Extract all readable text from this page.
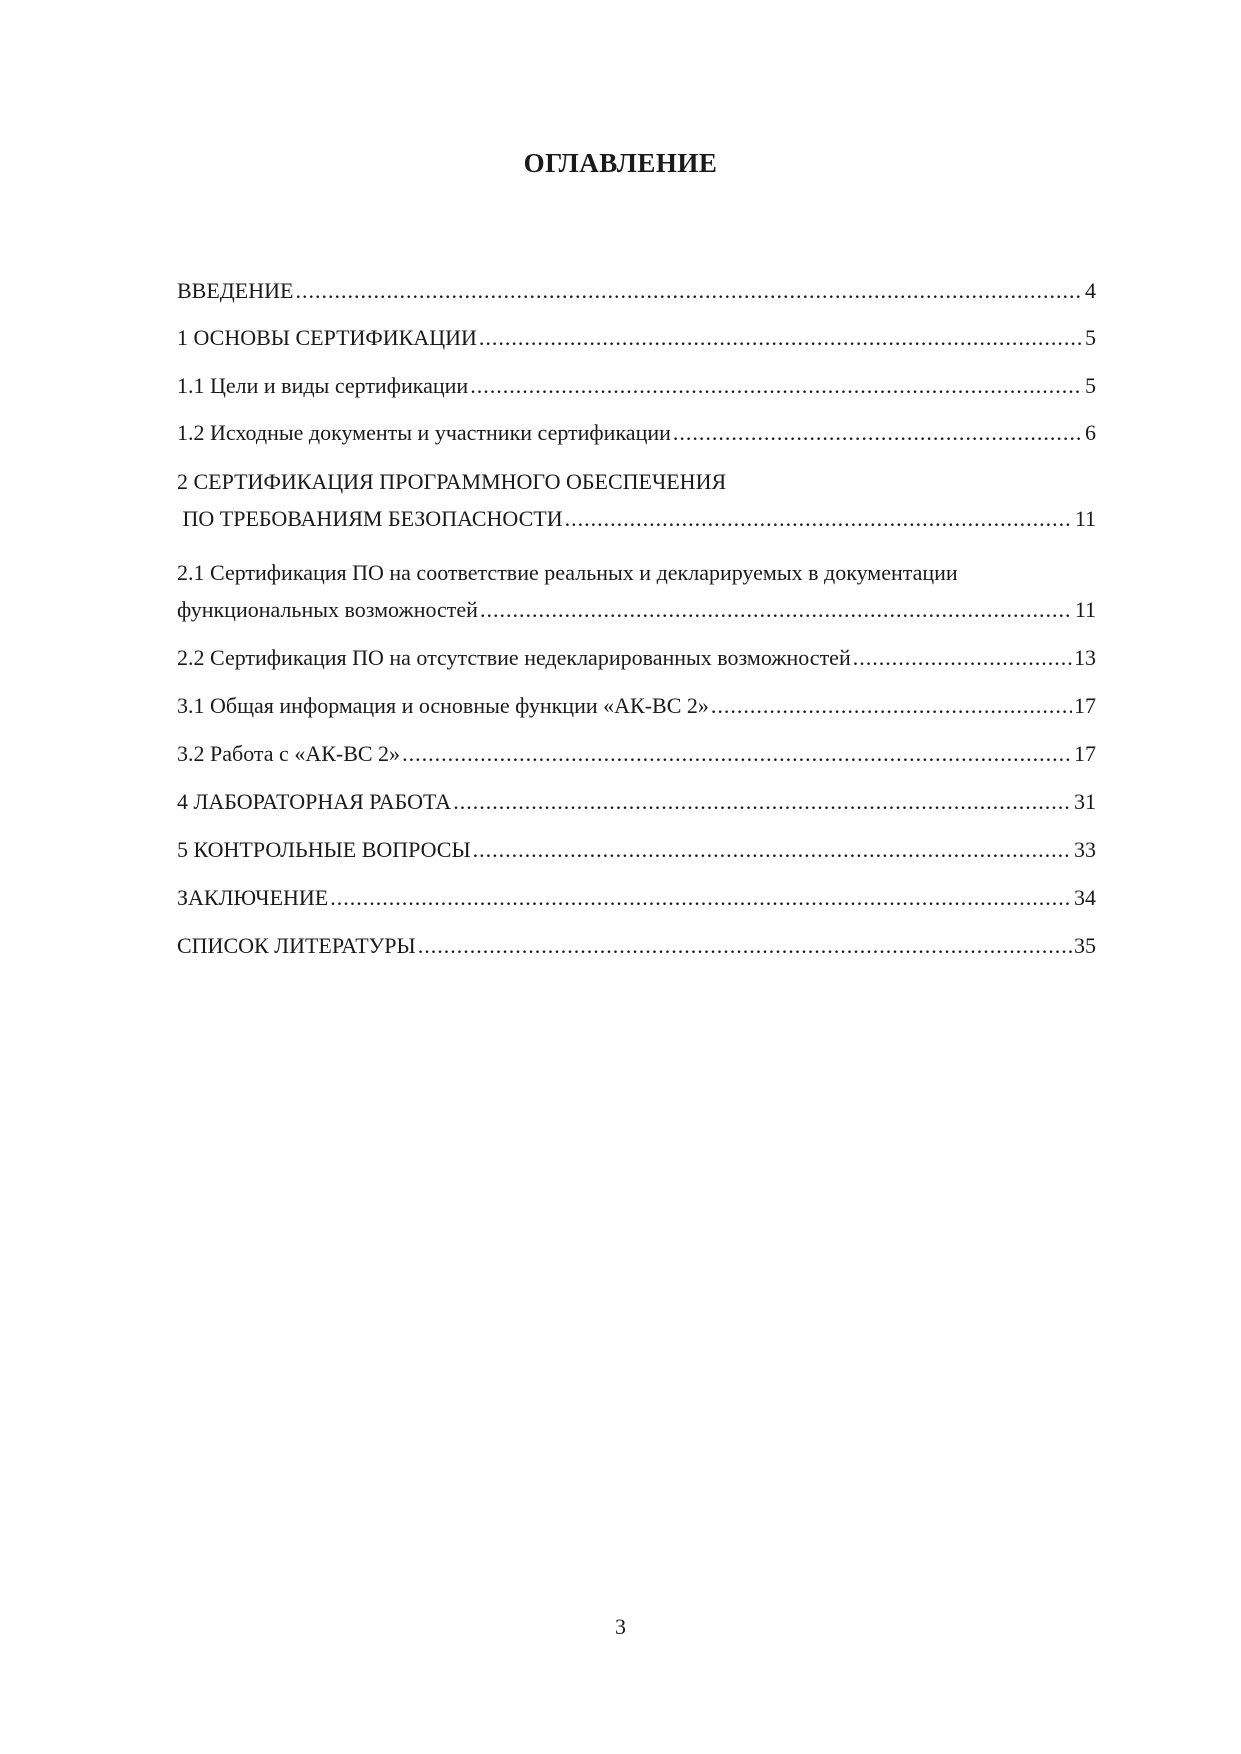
ОГЛАВЛЕНИЕ
ВВЕДЕНИЕ .....	4
1 ОСНОВЫ СЕРТИФИКАЦИИ .....	5
1.1 Цели и виды сертификации .....	5
1.2 Исходные документы и участники сертификации .....	6
2 СЕРТИФИКАЦИЯ ПРОГРАММНОГО ОБЕСПЕЧЕНИЯ
ПО ТРЕБОВАНИЯМ БЕЗОПАСНОСТИ .....	11
2.1 Сертификация ПО на соответствие реальных и декларируемых в документации
функциональных возможностей .....	11
2.2 Сертификация ПО на отсутствие недекларированных возможностей .....	13
3.1 Общая информация и основные функции «АК-ВС 2» .....	17
3.2 Работа с «АК-ВС 2» .....	17
4 ЛАБОРАТОРНАЯ РАБОТА .....	31
5 КОНТРОЛЬНЫЕ ВОПРОСЫ .....	33
ЗАКЛЮЧЕНИЕ .....	34
СПИСОК ЛИТЕРАТУРЫ .....	35
3
